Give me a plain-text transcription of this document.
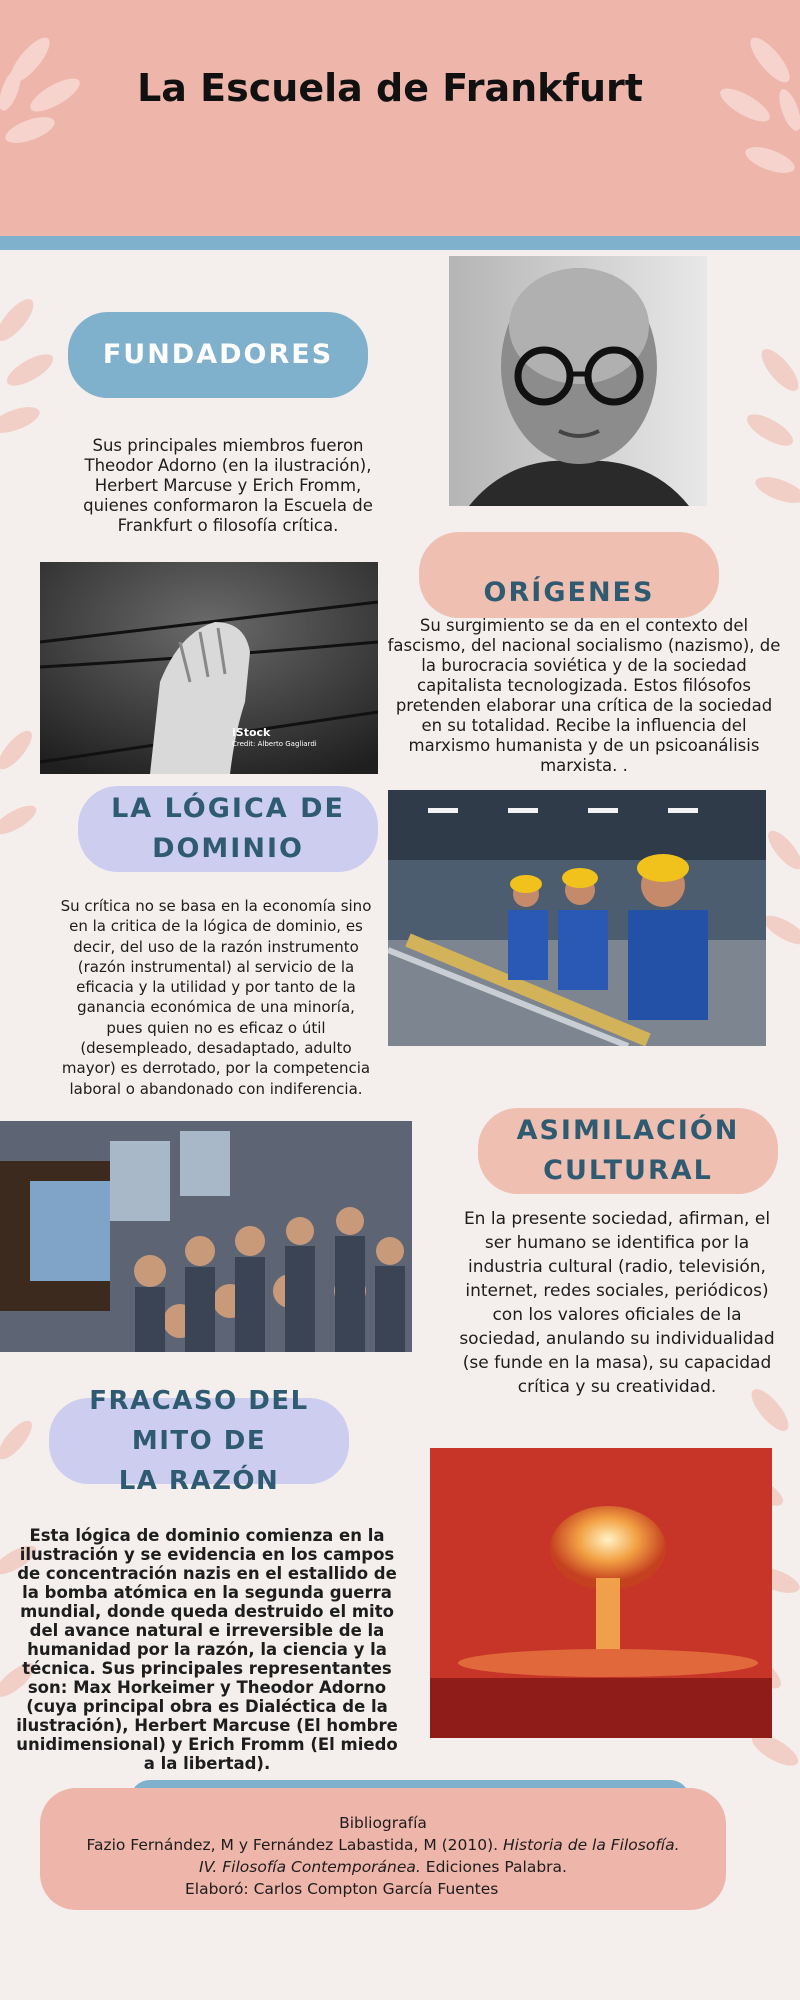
La Escuela de Frankfurt
FUNDADORES
Sus principales miembros fueron Theodor Adorno (en la ilustración), Herbert Marcuse y Erich Fromm, quienes conformaron la Escuela de Frankfurt o filosofía crítica.
iStock
Credit: Alberto Gagliardi
ORÍGENES
Su surgimiento se da en el contexto del fascismo, del nacional socialismo (nazismo), de la burocracia soviética y de la sociedad capitalista tecnologizada. Estos filósofos pretenden elaborar una crítica de la sociedad en su totalidad. Recibe la influencia del marxismo humanista y de un psicoanálisis marxista. .
LA LÓGICA DE
DOMINIO
Su crítica no se basa en la economía sino en la critica de la lógica de dominio, es decir, del uso de la razón instrumento (razón instrumental) al servicio de la eficacia y la utilidad y por tanto de la ganancia económica de una minoría, pues quien no es eficaz o útil (desempleado, desadaptado, adulto mayor) es derrotado, por la competencia laboral o abandonado con indiferencia.
ASIMILACIÓN
CULTURAL
En la presente sociedad, afirman, el ser humano se identifica por la industria cultural (radio, televisión, internet, redes sociales, periódicos) con los valores oficiales de la sociedad, anulando su individualidad (se funde en la masa), su capacidad crítica y su creatividad.
FRACASO DEL MITO DE
LA RAZÓN
Esta lógica de dominio comienza en la ilustración y se evidencia en los campos de concentración nazis en el estallido de la bomba atómica en la segunda guerra mundial, donde queda destruido el mito del avance natural e irreversible de la humanidad por la razón, la ciencia y la técnica. Sus principales representantes son: Max Horkeimer y Theodor Adorno (cuya principal obra es Dialéctica de la ilustración), Herbert Marcuse (El hombre unidimensional) y Erich Fromm (El miedo a la libertad).
Bibliografía
Fazio Fernández, M y Fernández Labastida, M (2010). Historia de la Filosofía. IV. Filosofía Contemporánea. Ediciones Palabra.
Elaboró: Carlos Compton García Fuentes
